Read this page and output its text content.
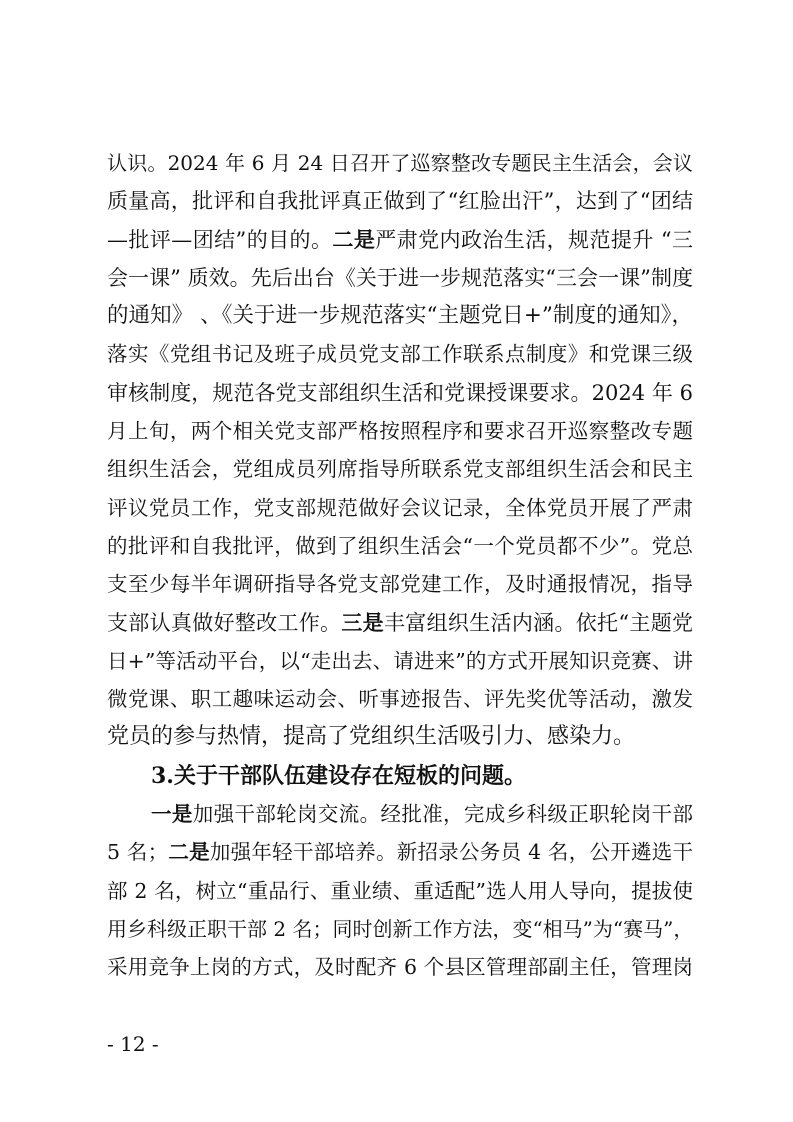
认识。2024 年 6 月 24 日召开了巡察整改专题民主生活会，会议
质量高，批评和自我批评真正做到了“红脸出汗”，达到了“团结
—批评—团结”的目的。二是严肃党内政治生活，规范提升 “三
会一课” 质效。先后出台《关于进一步规范落实“三会一课”制度
的通知》 、《关于进一步规范落实“主题党日+”制度的通知》，
落实《党组书记及班子成员党支部工作联系点制度》和党课三级
审核制度，规范各党支部组织生活和党课授课要求。2024 年 6
月上旬，两个相关党支部严格按照程序和要求召开巡察整改专题
组织生活会，党组成员列席指导所联系党支部组织生活会和民主
评议党员工作，党支部规范做好会议记录，全体党员开展了严肃
的批评和自我批评，做到了组织生活会“一个党员都不少”。党总
支至少每半年调研指导各党支部党建工作，及时通报情况，指导
支部认真做好整改工作。三是丰富组织生活内涵。依托“主题党
日+”等活动平台，以“走出去、请进来”的方式开展知识竞赛、讲
微党课、职工趣味运动会、听事迹报告、评先奖优等活动，激发
党员的参与热情，提高了党组织生活吸引力、感染力。
3.关于干部队伍建设存在短板的问题。
一是加强干部轮岗交流。经批准，完成乡科级正职轮岗干部
5 名；二是加强年轻干部培养。新招录公务员 4 名，公开遴选干
部 2 名，树立“重品行、重业绩、重适配”选人用人导向，提拔使
用乡科级正职干部 2 名；同时创新工作方法，变“相马”为“赛马”，
采用竞争上岗的方式，及时配齐 6 个县区管理部副主任，管理岗
- 12 -
